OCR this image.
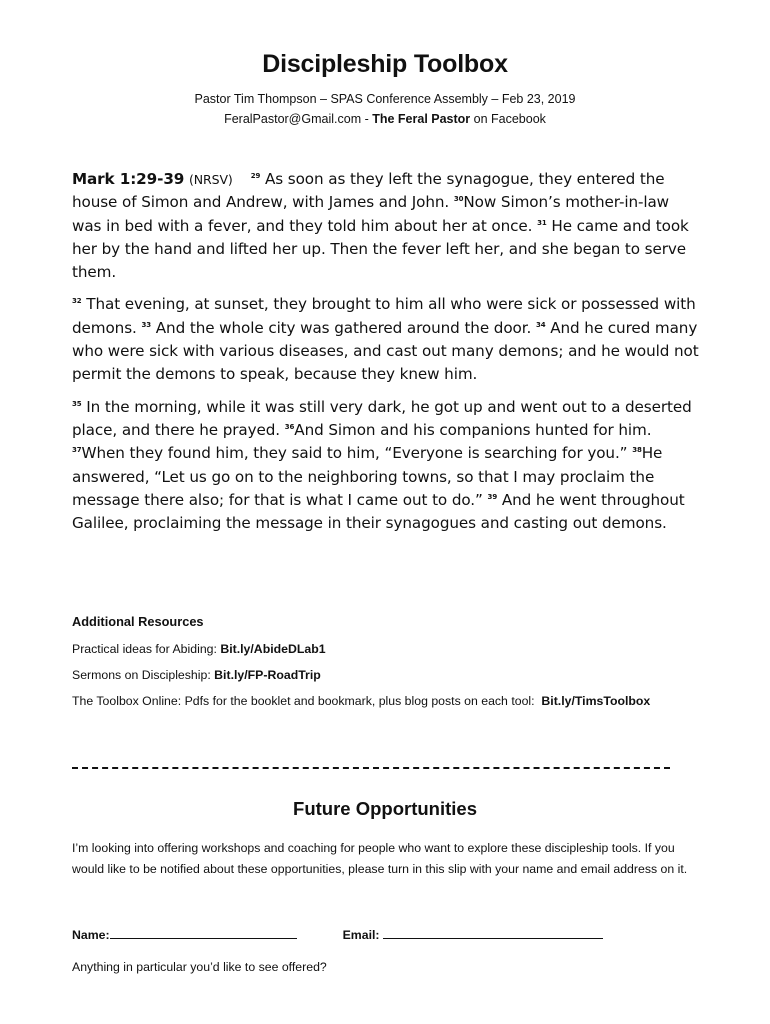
Discipleship Toolbox
Pastor Tim Thompson – SPAS Conference Assembly – Feb 23, 2019
FeralPastor@Gmail.com - The Feral Pastor on Facebook

Mark 1:29-39 (NRSV)	$^{29}$ As soon as they left the synagogue, they entered the house of Simon and Andrew, with James and John. $^{30}$Now Simon’s mother-in-law was in bed with a fever, and they told him about her at once. $^{31}$ He came and took her by the hand and lifted her up. Then the fever left her, and she began to serve them.

$^{32}$ That evening, at sunset, they brought to him all who were sick or possessed with demons. $^{33}$ And the whole city was gathered around the door. $^{34}$ And he cured many who were sick with various diseases, and cast out many demons; and he would not permit the demons to speak, because they knew him.

$^{35}$ In the morning, while it was still very dark, he got up and went out to a deserted place, and there he prayed. $^{36}$And Simon and his companions hunted for him. $^{37}$When they found him, they said to him, “Everyone is searching for you.” $^{38}$He answered, “Let us go on to the neighboring towns, so that I may proclaim the message there also; for that is what I came out to do.” $^{39}$ And he went throughout Galilee, proclaiming the message in their synagogues and casting out demons.

Additional Resources
Practical ideas for Abiding: Bit.ly/AbideDLab1
Sermons on Discipleship: Bit.ly/FP-RoadTrip
The Toolbox Online: Pdfs for the booklet and bookmark, plus blog posts on each tool:  Bit.ly/TimsToolbox
Future Opportunities
I’m looking into offering workshops and coaching for people who want to explore these discipleship tools. If you would like to be notified about these opportunities, please turn in this slip with your name and email address on it.
Name:	Email:
Anything in particular you’d like to see offered?
